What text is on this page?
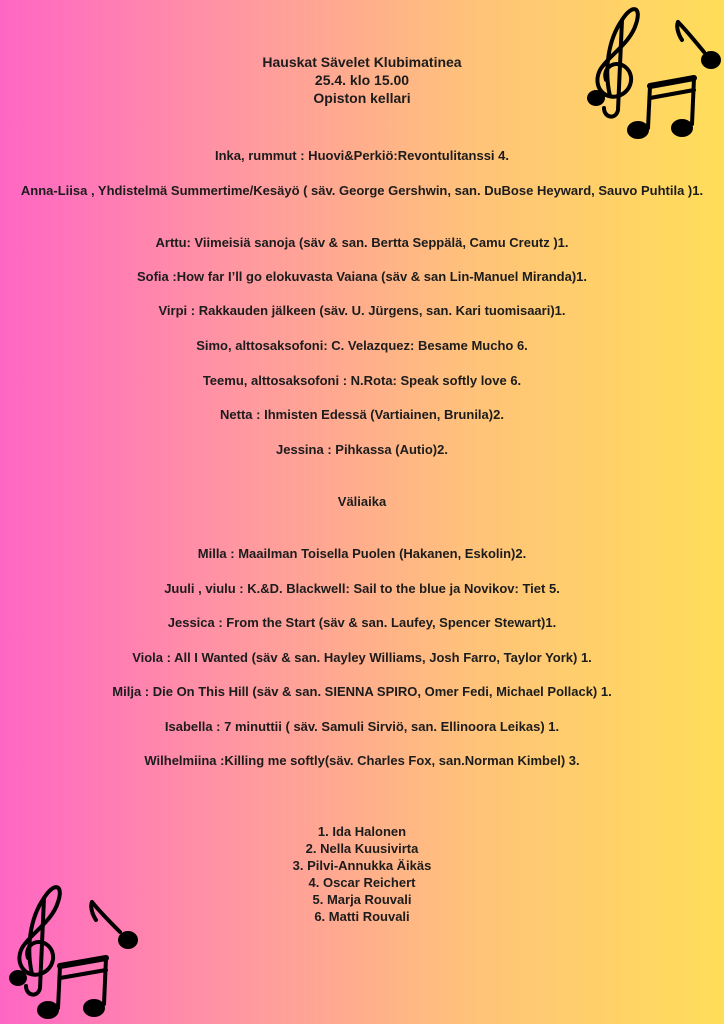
Hauskat Sävelet Klubimatinea
25.4. klo 15.00
Opiston kellari
Inka, rummut : Huovi&Perkiö:Revontulitanssi 4.
Anna-Liisa , Yhdistelmä Summertime/Kesäyö ( säv. George Gershwin, san. DuBose Heyward, Sauvo Puhtila )1.
Arttu: Viimeisiä sanoja (säv & san. Bertta Seppälä, Camu Creutz )1.
Sofia :How far I’ll go elokuvasta Vaiana (säv & san Lin-Manuel Miranda)1.
Virpi : Rakkauden jälkeen (säv. U. Jürgens, san. Kari tuomisaari)1.
Simo, alttosaksofoni: C. Velazquez: Besame Mucho 6.
Teemu, alttosaksofoni : N.Rota: Speak softly love 6.
Netta : Ihmisten Edessä (Vartiainen, Brunila)2.
Jessina : Pihkassa (Autio)2.
Väliaika
Milla : Maailman Toisella Puolen (Hakanen, Eskolin)2.
Juuli , viulu : K.&D. Blackwell: Sail to the blue ja Novikov: Tiet 5.
Jessica : From the Start (säv & san. Laufey, Spencer Stewart)1.
Viola : All I Wanted (säv & san. Hayley Williams, Josh Farro, Taylor York) 1.
Milja : Die On This Hill (säv & san. SIENNA SPIRO, Omer Fedi, Michael Pollack) 1.
Isabella : 7 minuttii ( säv. Samuli Sirviö, san. Ellinoora Leikas) 1.
Wilhelmiina :Killing me softly(säv. Charles Fox, san.Norman Kimbel) 3.
1. Ida Halonen
2. Nella Kuusivirta
3. Pilvi-Annukka Äikäs
4. Oscar Reichert
5. Marja Rouvali
6. Matti Rouvali
